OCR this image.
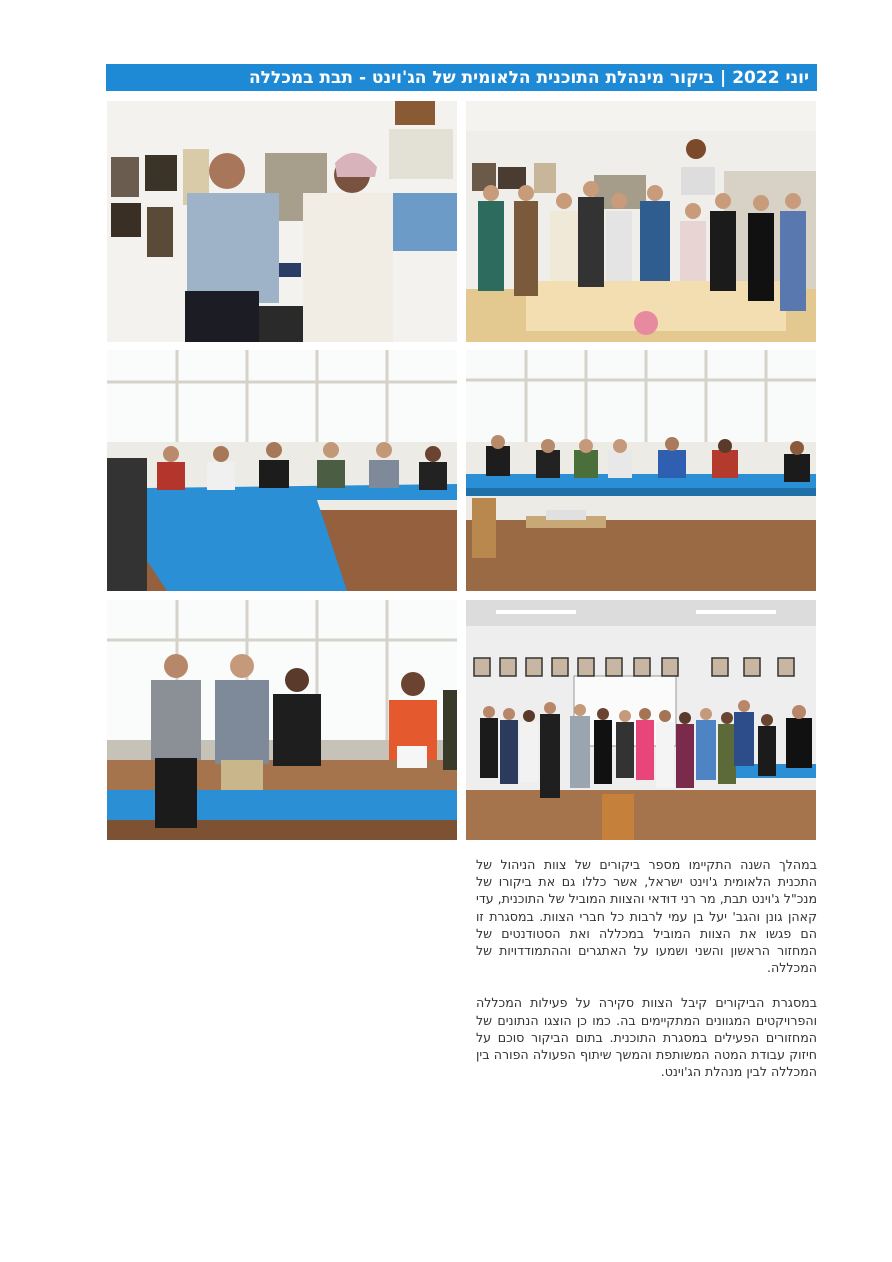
יוני 2022
|
ביקור מינהלת התוכנית הלאומית של הג'וינט - תבת במכללה

במהלך השנה התקיימו מספר ביקורים של צוות הניהול של התכנית הלאומית ג'וינט ישראל, אשר כללו גם את ביקורו של מנכ"ל ג'וינט תבת, מר רני דוּדאי והצוות המוביל של התוכנית, עדי קאהן גונן והגב' יעל בן עמי לרבות כל חברי הצוות. במסגרת זו הם פגשו את הצוות המוביל במכללה ואת הסטודנטים של המחזור הראשון והשני ושמעו על האתגרים וההתמודדויות של המכללה.

במסגרת הביקורים קיבל הצוות סקירה על פעילות המכללה והפרויקטים המגוונים המתקיימים בה. כמו כן הוצגו הנתונים של המחזורים הפעילים במסגרת התוכנית. בתום הביקור סוכם על חיזוק עבודת המטה המשותפת והמשך שיתוף הפעולה הפורה בין המכללה לבין מנהלת הג'וינט.
